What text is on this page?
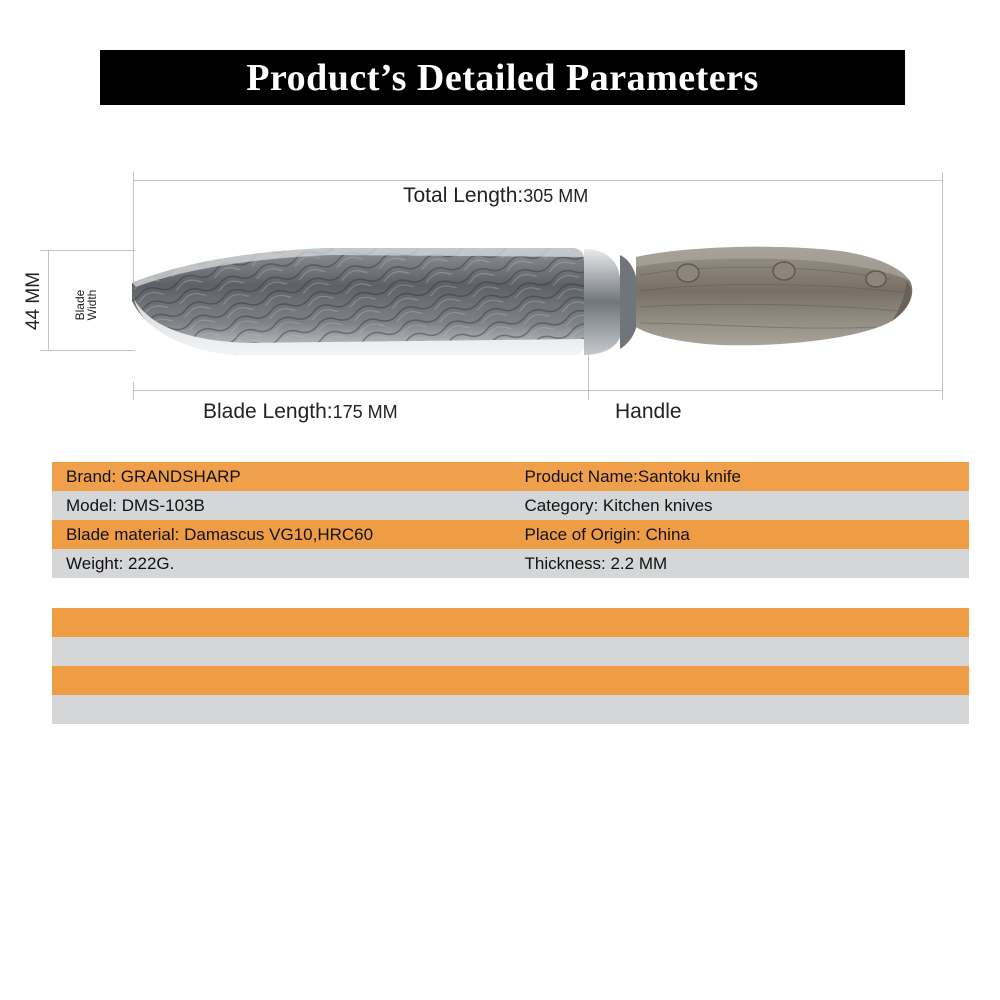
Product’s Detailed Parameters
Total Length:305 MM
44 MM Blade
Width
Blade Length:175 MM	Handle
Brand: GRANDSHARP	Product Name:Santoku knife
Model: DMS-103B	Category: Kitchen knives
Blade material: Damascus VG10,HRC60	Place of Origin: China
Weight: 222G.	Thickness: 2.2 MM
